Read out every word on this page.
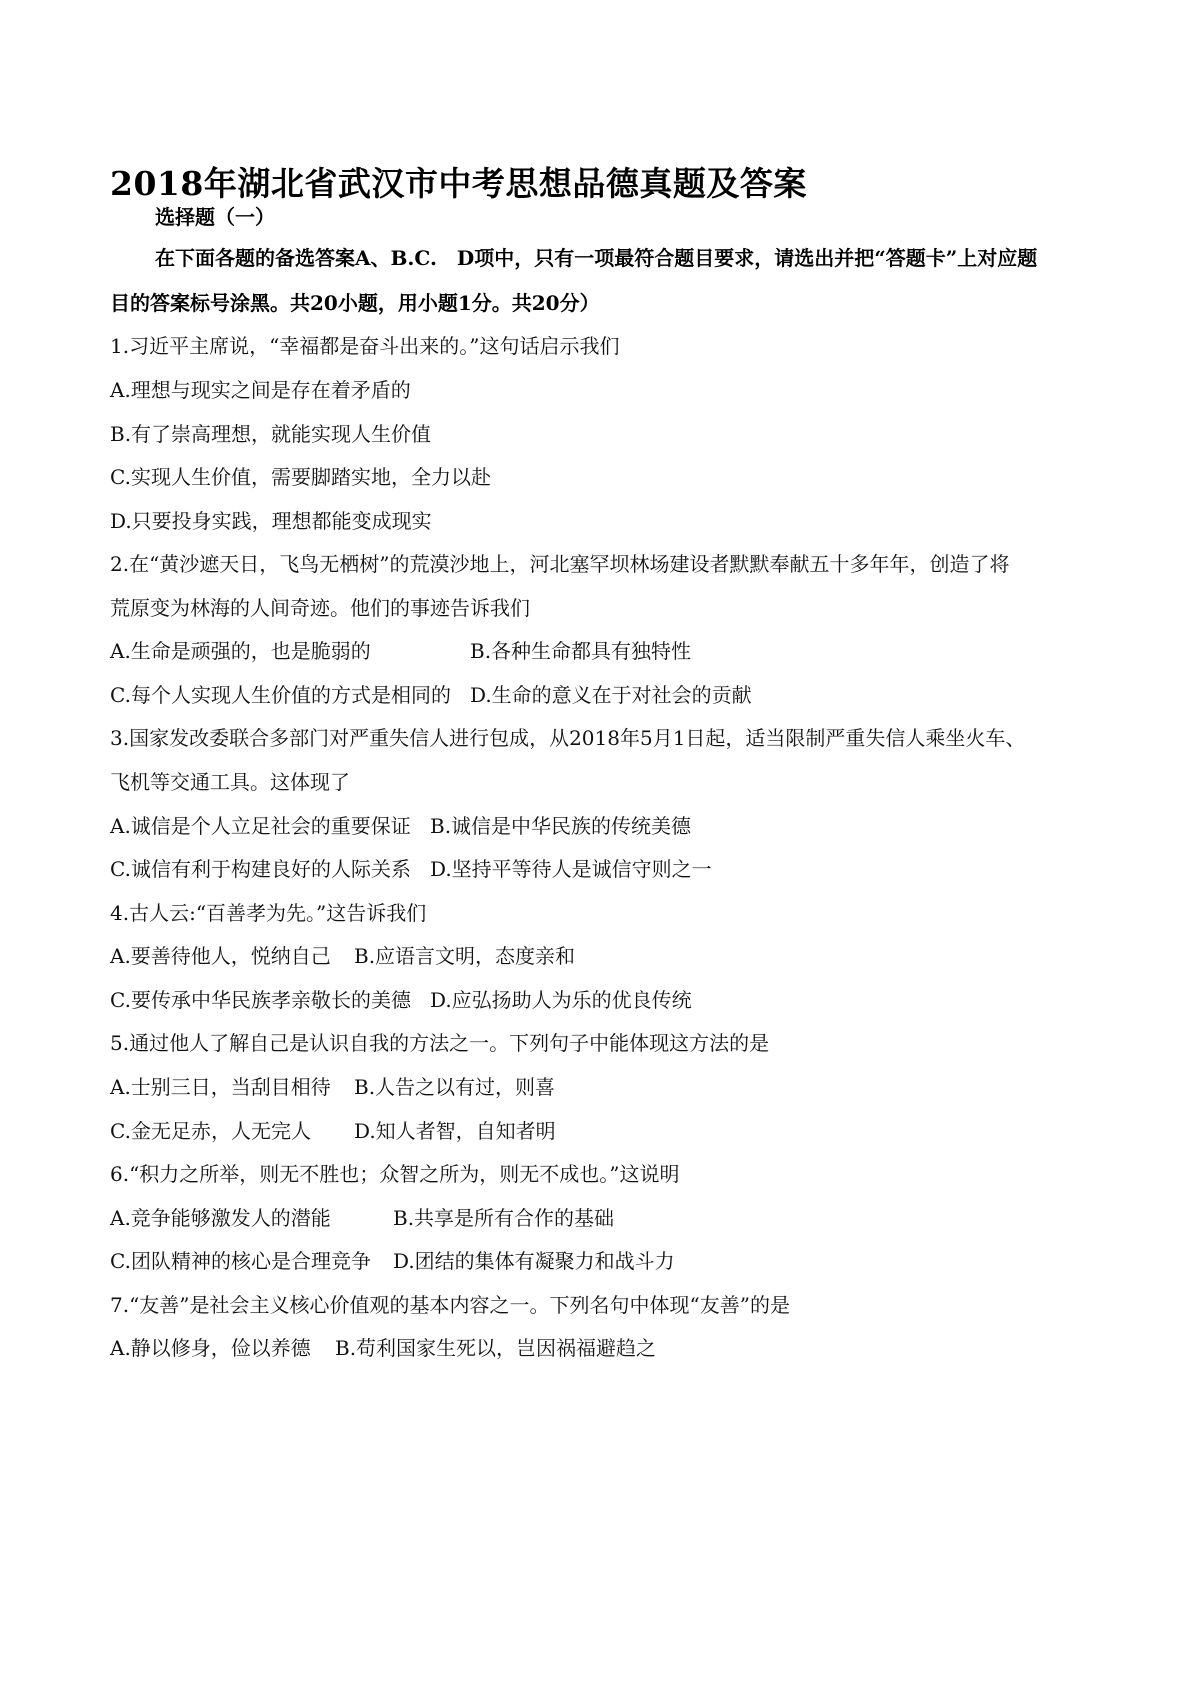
2018年湖北省武汉市中考思想品德真题及答案
选择题（一）
在下面各题的备选答案A、B.C.　D项中，只有一项最符合题目要求，请选出并把“答题卡”上对应题
目的答案标号涂黑。共20小题，用小题1分。共20分）
1.习近平主席说，“幸福都是奋斗出来的。”这句话启示我们
A.理想与现实之间是存在着矛盾的
B.有了崇高理想，就能实现人生价值
C.实现人生价值，需要脚踏实地，全力以赴
D.只要投身实践，理想都能变成现实
2.在“黄沙遮天日，飞鸟无栖树”的荒漠沙地上，河北塞罕坝林场建设者默默奉献五十多年年，创造了将
荒原变为林海的人间奇迹。他们的事迹告诉我们
A.生命是顽强的，也是脆弱的	B.各种生命都具有独特性
C.每个人实现人生价值的方式是相同的 D.生命的意义在于对社会的贡献
3.国家发改委联合多部门对严重失信人进行包成，从2018年5月1日起，适当限制严重失信人乘坐火车、
飞机等交通工具。这体现了
A.诚信是个人立足社会的重要保证 B.诚信是中华民族的传统美德
C.诚信有利于构建良好的人际关系 D.坚持平等待人是诚信守则之一
4.古人云:“百善孝为先。”这告诉我们
A.要善待他人，悦纳自己 B.应语言文明，态度亲和
C.要传承中华民族孝亲敬长的美德 D.应弘扬助人为乐的优良传统
5.通过他人了解自己是认识自我的方法之一。下列句子中能体现这方法的是
A.士别三日，当刮目相待 B.人告之以有过，则喜
C.金无足赤，人无完人 D.知人者智，自知者明
6.“积力之所举，则无不胜也；众智之所为，则无不成也。”这说明
A.竞争能够激发人的潜能	B.共享是所有合作的基础
C.团队精神的核心是合理竞争 D.团结的集体有凝聚力和战斗力
7.“友善”是社会主义核心价值观的基本内容之一。下列名句中体现“友善”的是
A.静以修身，俭以养德 B.苟利国家生死以，岂因祸福避趋之
